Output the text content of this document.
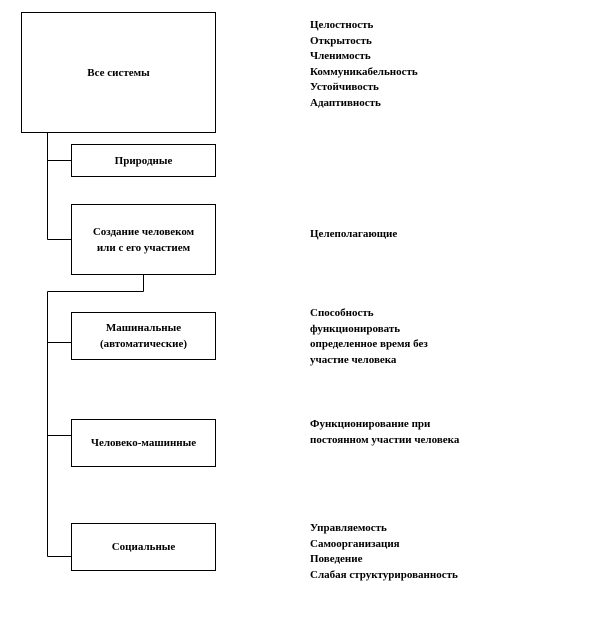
Все системы
Природные
Создание человеком
или с его участием
Машинальные
(автоматические)
Человеко-машинные
Социальные
Целостность
Открытость
Членимость
Коммуникабельность
Устойчивость
Адаптивность
Целеполагающие
Способность функционировать определенное время без участие человека
Функционирование при постоянном участии человека
Управляемость
Самоорганизация
Поведение
Слабая структурированность
